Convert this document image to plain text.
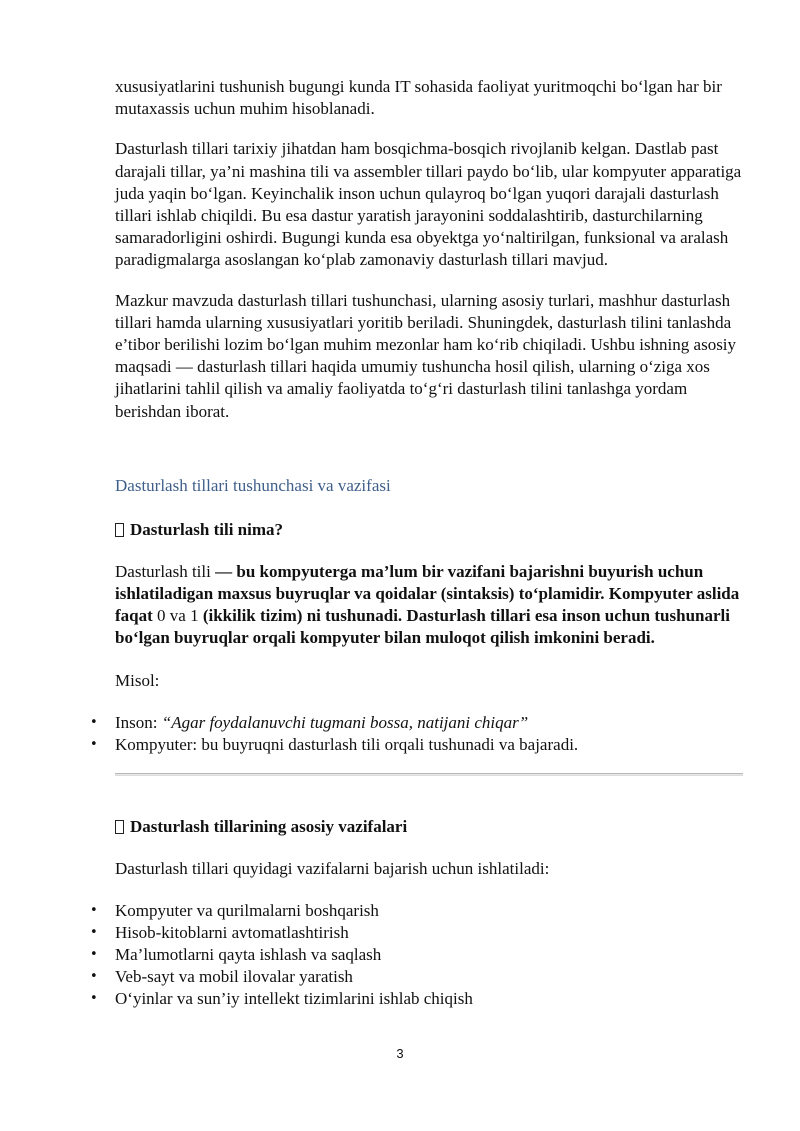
xususiyatlarini tushunish bugungi kunda IT sohasida faoliyat yuritmoqchi bo‘lgan har bir mutaxassis uchun muhim hisoblanadi.

Dasturlash tillari tarixiy jihatdan ham bosqichma-bosqich rivojlanib kelgan. Dastlab past darajali tillar, ya’ni mashina tili va assembler tillari paydo bo‘lib, ular kompyuter apparatiga juda yaqin bo‘lgan. Keyinchalik inson uchun qulayroq bo‘lgan yuqori darajali dasturlash tillari ishlab chiqildi. Bu esa dastur yaratish jarayonini soddalashtirib, dasturchilarning samaradorligini oshirdi. Bugungi kunda esa obyektga yo‘naltirilgan, funksional va aralash paradigmalarga asoslangan ko‘plab zamonaviy dasturlash tillari mavjud.

Mazkur mavzuda dasturlash tillari tushunchasi, ularning asosiy turlari, mashhur dasturlash tillari hamda ularning xususiyatlari yoritib beriladi. Shuningdek, dasturlash tilini tanlashda e’tibor berilishi lozim bo‘lgan muhim mezonlar ham ko‘rib chiqiladi. Ushbu ishning asosiy maqsadi — dasturlash tillari haqida umumiy tushuncha hosil qilish, ularning o‘ziga xos jihatlarini tahlil qilish va amaliy faoliyatda to‘g‘ri dasturlash tilini tanlashga yordam berishdan iborat.

Dasturlash tillari tushunchasi va vazifasi
Dasturlash tili nima?

Dasturlash tili — bu kompyuterga ma’lum bir vazifani bajarishni buyurish uchun ishlatiladigan maxsus buyruqlar va qoidalar (sintaksis) to‘plamidir. Kompyuter aslida faqat 0 va 1 (ikkilik tizim) ni tushunadi. Dasturlash tillari esa inson uchun tushunarli bo‘lgan buyruqlar orqali kompyuter bilan muloqot qilish imkonini beradi.

Misol:

• Inson: “Agar foydalanuvchi tugmani bossa, natijani chiqar”
• Kompyuter: bu buyruqni dasturlash tili orqali tushunadi va bajaradi.
Dasturlash tillarining asosiy vazifalari

Dasturlash tillari quyidagi vazifalarni bajarish uchun ishlatiladi:

• Kompyuter va qurilmalarni boshqarish
• Hisob-kitoblarni avtomatlashtirish
• Ma’lumotlarni qayta ishlash va saqlash
• Veb-sayt va mobil ilovalar yaratish
• O‘yinlar va sun’iy intellekt tizimlarini ishlab chiqish
3
